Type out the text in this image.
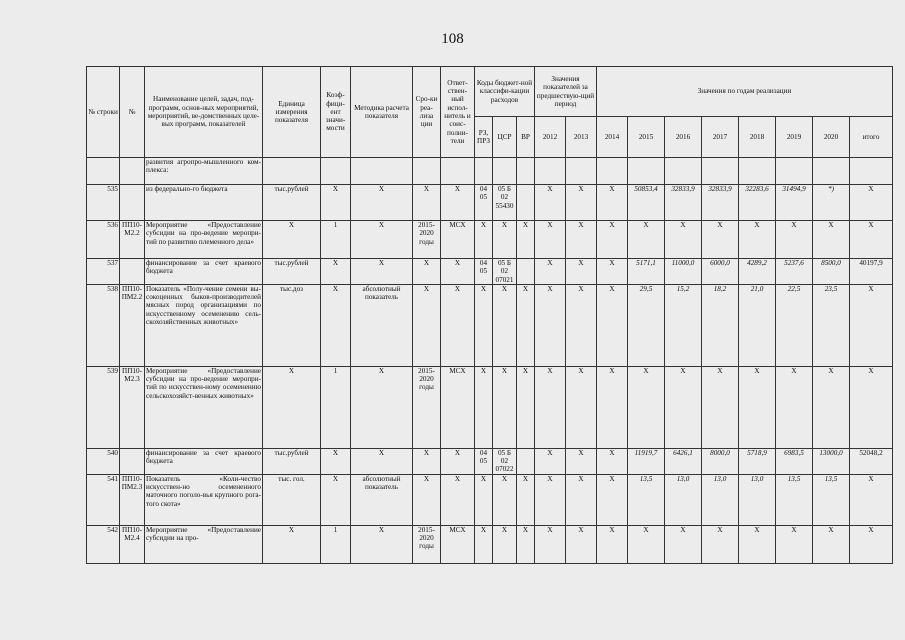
108
№ строки	№	Наименование целей, задач, под-программ, основ-ных мероприятий, мероприятий, ве-домственных целе-вых программ, показателей	Единица измерения показателя	Коэф-фици-ент значи-мости	Методика расчета показателя	Сро-ки реа-лиза ции	Ответ-ствен-ный испол-нитель и соис-полни-тели	Коды бюджет-ной классифи-кации расходов			Значения показателей за предшествую-щий период		Значения по годам реализации							
								РЗ, ПРЗ	ЦСР	ВР	2012	2013	2014	2015	2016	2017	2018	2019	2020	итого
		развития агропро-мышленного ком-плекса:																		
535		из федерально-го бюджета	тыс.рублей	X	X	X	X	04 05	05 Б 02 55430		X	X	X	50853,4	32833,9	32833,9	32283,6	31494,9	*)	X
536	ПП10-М2.2	Мероприятие «Предоставление субсидии на про-ведение меропри-тий по развитию племенного дела»	X	1	X	2015-2020 годы	МСХ	X	X	X	X	X	X	X	X	X	X	X	X	X
537		финансирование за счет краевого бюджета	тыс.рублей	X	X	X	X	04 05	05 Б 02 07021		X	X	X	5171,1	11000,0	6000,0	4289,2	5237,6	8500,0	40197,9
538	ПП10-ПМ2.2	Показатель «Полу-чение семени вы-сокоценных быков-производителей мясных пород организациями по искусственному осеменению сель-скохозяйственных животных»	тыс.доз	X	абсолютный показатель	X	X	X	X	X	X	X	X	29,5	15,2	18,2	21,0	22,5	23,5	X
539	ПП10-М2.3	Мероприятие «Предоставление субсидии на про-ведение меропри-тий по искусствен-ному осеменению сельскохозяйст-венных животных»	X	1	X	2015-2020 годы	МСХ	X	X	X	X	X	X	X	X	X	X	X	X	X
540		финансирование за счет краевого бюджета	тыс.рублей	X	X	X	X	04 05	05 Б 02 07022		X	X	X	11919,7	6426,1	8000,0	5718,9	6983,5	13000,0	52048,2
541	ПП10-ПМ2.3	Показатель «Коли-чество искусствен-но осемененного маточного поголо-вья крупного рога-того скота»	тыс. гол.	X	абсолютный показатель	X	X	X	X	X	X	X	X	13,5	13,0	13,0	13,0	13,5	13,5	X
542	ПП10-М2.4	Мероприятие «Предоставление субсидии на про-	X	1	X	2015-2020 годы	МСХ	X	X	X	X	X	X	X	X	X	X	X	X	X
